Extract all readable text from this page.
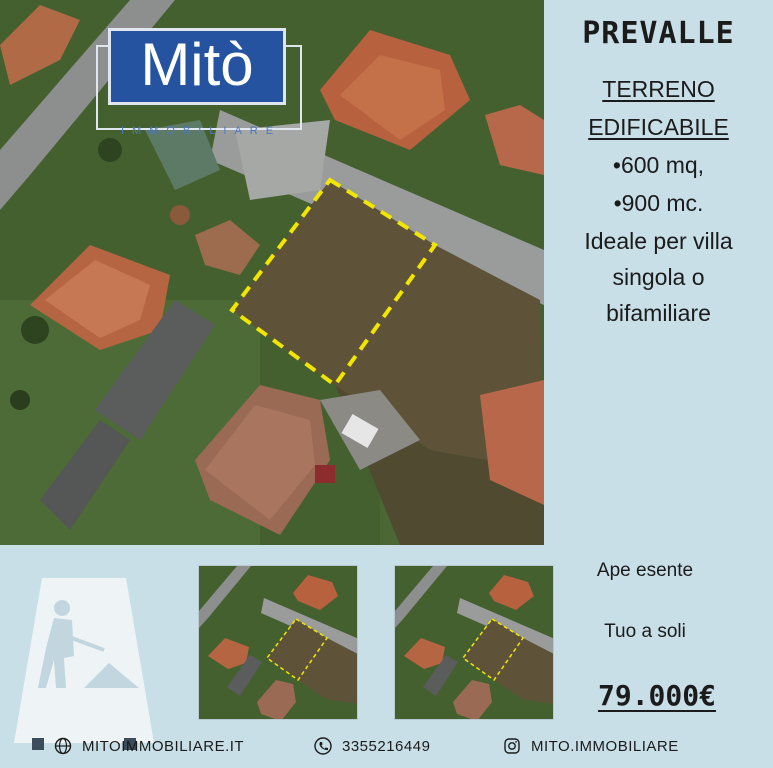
Mitò
IMMOBILIARE
PREVALLE
TERRENO
EDIFICABILE
•600 mq,
•900 mc.
Ideale per villa
singola o
bifamiliare
Ape esente
Tuo a soli
79.000€
MITOIMMOBILIARE.IT	3355216449	MITO.IMMOBILIARE
